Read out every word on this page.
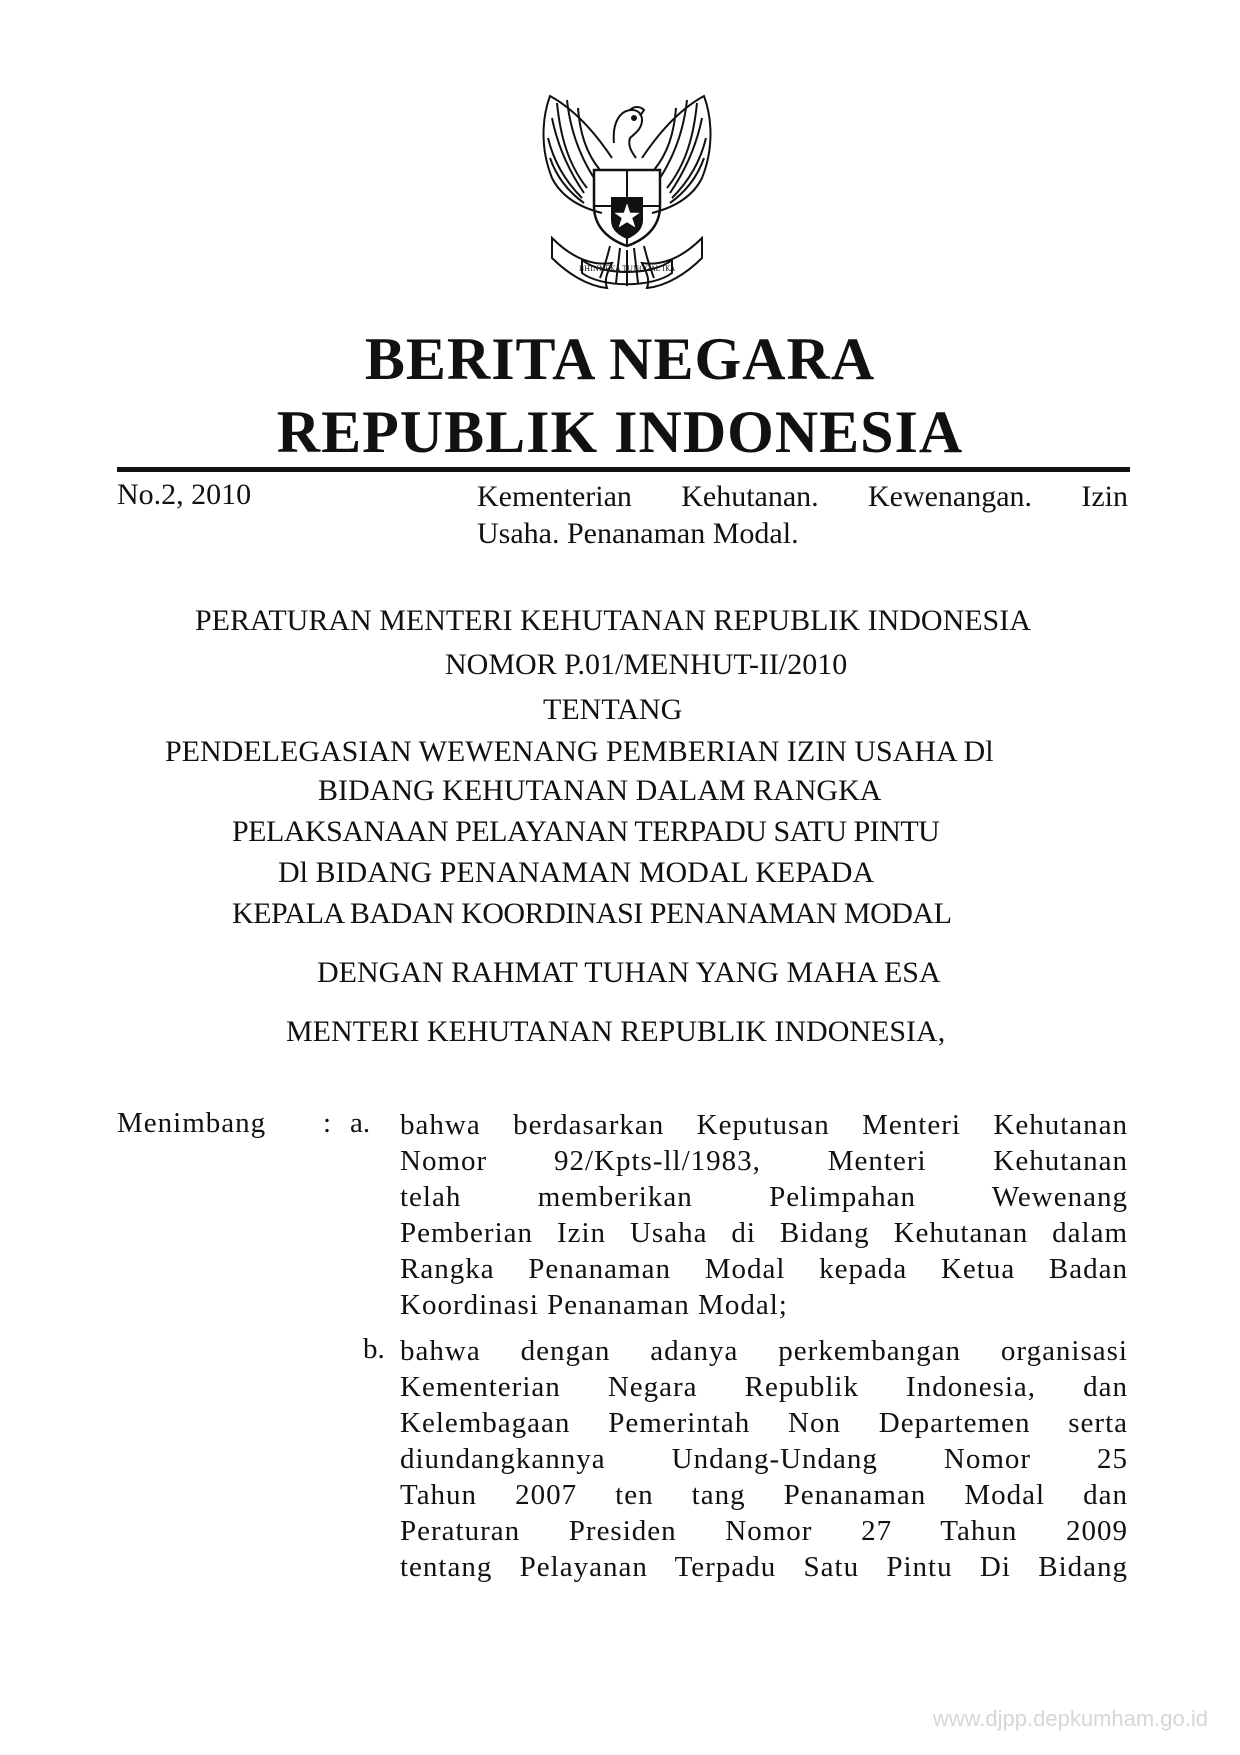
BHINNEKA TUNGGAL IKA
BERITA NEGARA
REPUBLIK INDONESIA
No.2, 2010	Kementerian Kehutanan. Kewenangan. Izin
Usaha. Penanaman Modal.
PERATURAN MENTERI KEHUTANAN REPUBLIK INDONESIA
NOMOR P.01/MENHUT-II/2010
TENTANG
PENDELEGASIAN WEWENANG PEMBERIAN IZIN USAHA Dl
BIDANG KEHUTANAN DALAM RANGKA
PELAKSANAAN PELAYANAN TERPADU SATU PINTU
Dl BIDANG PENANAMAN MODAL KEPADA
KEPALA BADAN KOORDINASI PENANAMAN MODAL
DENGAN RAHMAT TUHAN YANG MAHA ESA
MENTERI KEHUTANAN REPUBLIK INDONESIA,
Menimbang : a. bahwa berdasarkan Keputusan Menteri Kehutanan
Nomor 92/Kpts-ll/1983, Menteri Kehutanan
telah memberikan Pelimpahan Wewenang
Pemberian Izin Usaha di Bidang Kehutanan dalam
Rangka Penanaman Modal kepada Ketua Badan
Koordinasi Penanaman Modal;
b. bahwa dengan adanya perkembangan organisasi
Kementerian Negara Republik Indonesia, dan
Kelembagaan Pemerintah Non Departemen serta
diundangkannya Undang-Undang Nomor 25
Tahun 2007 ten tang Penanaman Modal dan
Peraturan Presiden Nomor 27 Tahun 2009
tentang Pelayanan Terpadu Satu Pintu Di Bidang
www.djpp.depkumham.go.id
